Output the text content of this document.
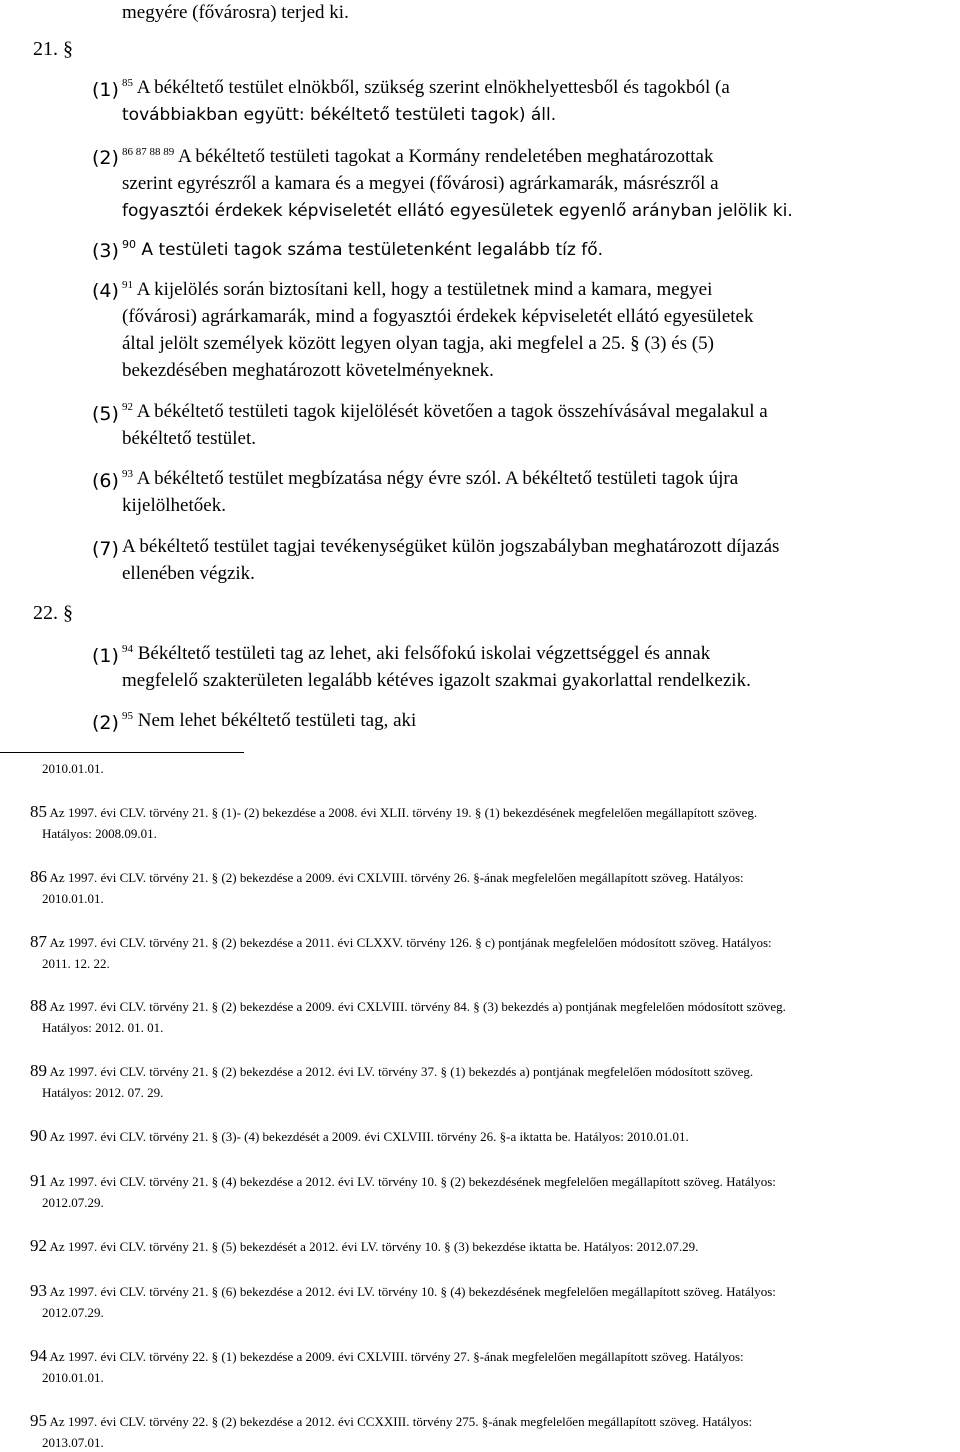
megyére (fővárosra) terjed ki.
21. §
(1) $^{85}$ A békéltető testület elnökből, szükség szerint elnökhelyettesből és tagokból (a
továbbiakban együtt: békéltető testületi tagok) áll.
(2) $^{86 87 88 89}$ A békéltető testületi tagokat a Kormány rendeletében meghatározottak
szerint egyrészről a kamara és a megyei (fővárosi) agrárkamarák, másrészről a
fogyasztói érdekek képviseletét ellátó egyesületek egyenlő arányban jelölik ki.
(3) $^{90}$ A testületi tagok száma testületenként legalább tíz fő.
(4) $^{91}$ A kijelölés során biztosítani kell, hogy a testületnek mind a kamara, megyei
(fővárosi) agrárkamarák, mind a fogyasztói érdekek képviseletét ellátó egyesületek
által jelölt személyek között legyen olyan tagja, aki megfelel a 25. § (3) és (5)
bekezdésében meghatározott követelményeknek.
(5) $^{92}$ A békéltető testületi tagok kijelölését követően a tagok összehívásával megalakul a
békéltető testület.
(6) $^{93}$ A békéltető testület megbízatása négy évre szól. A békéltető testületi tagok újra
kijelölhetőek.
(7) A békéltető testület tagjai tevékenységüket külön jogszabályban meghatározott díjazás
ellenében végzik.
22. §
(1) $^{94}$ Békéltető testületi tag az lehet, aki felsőfokú iskolai végzettséggel és annak
megfelelő szakterületen legalább kétéves igazolt szakmai gyakorlattal rendelkezik.
(2) $^{95}$ Nem lehet békéltető testületi tag, aki
2010.01.01.
85 Az 1997. évi CLV. törvény 21. § (1)- (2) bekezdése a 2008. évi XLII. törvény 19. § (1) bekezdésének megfelelően megállapított szöveg.
Hatályos: 2008.09.01.
86 Az 1997. évi CLV. törvény 21. § (2) bekezdése a 2009. évi CXLVIII. törvény 26. §-ának megfelelően megállapított szöveg. Hatályos:
2010.01.01.
87 Az 1997. évi CLV. törvény 21. § (2) bekezdése a 2011. évi CLXXV. törvény 126. § c) pontjának megfelelően módosított szöveg. Hatályos:
2011. 12. 22.
88 Az 1997. évi CLV. törvény 21. § (2) bekezdése a 2009. évi CXLVIII. törvény 84. § (3) bekezdés a) pontjának megfelelően módosított szöveg.
Hatályos: 2012. 01. 01.
89 Az 1997. évi CLV. törvény 21. § (2) bekezdése a 2012. évi LV. törvény 37. § (1) bekezdés a) pontjának megfelelően módosított szöveg.
Hatályos: 2012. 07. 29.
90 Az 1997. évi CLV. törvény 21. § (3)- (4) bekezdését a 2009. évi CXLVIII. törvény 26. §-a iktatta be. Hatályos: 2010.01.01.
91 Az 1997. évi CLV. törvény 21. § (4) bekezdése a 2012. évi LV. törvény 10. § (2) bekezdésének megfelelően megállapított szöveg. Hatályos:
2012.07.29.
92 Az 1997. évi CLV. törvény 21. § (5) bekezdését a 2012. évi LV. törvény 10. § (3) bekezdése iktatta be. Hatályos: 2012.07.29.
93 Az 1997. évi CLV. törvény 21. § (6) bekezdése a 2012. évi LV. törvény 10. § (4) bekezdésének megfelelően megállapított szöveg. Hatályos:
2012.07.29.
94 Az 1997. évi CLV. törvény 22. § (1) bekezdése a 2009. évi CXLVIII. törvény 27. §-ának megfelelően megállapított szöveg. Hatályos:
2010.01.01.
95 Az 1997. évi CLV. törvény 22. § (2) bekezdése a 2012. évi CCXXIII. törvény 275. §-ának megfelelően megállapított szöveg. Hatályos:
2013.07.01.
